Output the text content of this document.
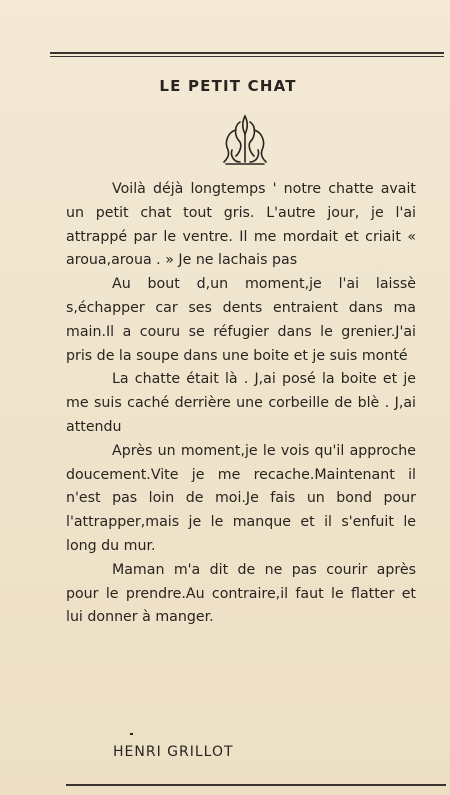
LE PETIT CHAT

Voilà déjà longtemps ' notre chatte avait un petit chat tout gris. L'autre jour, je l'ai attrappé par le ventre. Il me mordait et criait « aroua,aroua . » Je ne lachais pas

Au bout d,un moment,je l'ai laissè s,échapper car ses dents entraient dans ma main.Il a couru se réfugier dans le grenier.J'ai pris de la soupe dans une boite et je suis monté

La chatte était là . J,ai posé la boite et je me suis caché derrière une corbeille de blè . J,ai attendu

Après un moment,je le vois qu'il approche doucement.Vite je me recache.Maintenant il n'est pas loin de moi.Je fais un bond pour l'attrapper,mais je le manque et il s'enfuit le long du mur.

Maman m'a dit de ne pas courir après pour le prendre.Au contraire,il faut le flatter et lui donner à manger.

HENRI GRILLOT
